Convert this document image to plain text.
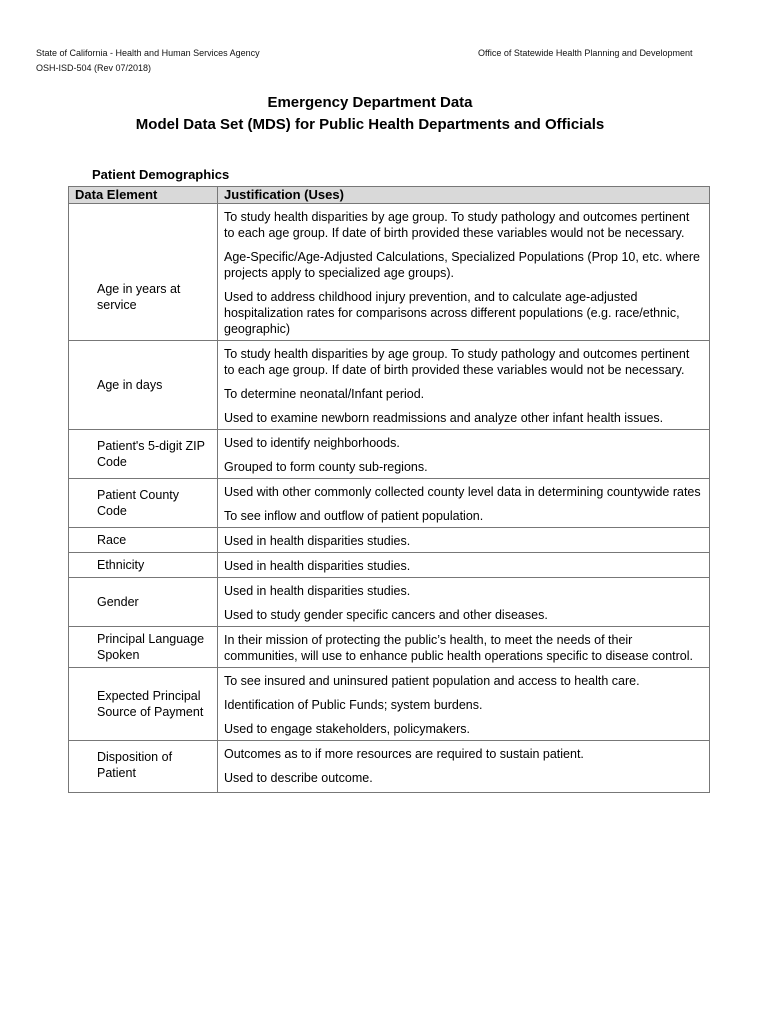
State of California - Health and Human Services Agency
OSH-ISD-504 (Rev 07/2018)
Office of Statewide Health Planning and Development
Emergency Department Data
Model Data Set (MDS) for Public Health Departments and Officials
Patient Demographics
Data Element	Justification (Uses)

Age in years at service	To study health disparities by age group. To study pathology and outcomes pertinent to each age group. If date of birth provided these variables would not be necessary.
Age-Specific/Age-Adjusted Calculations, Specialized Populations (Prop 10, etc. where projects apply to specialized age groups).
Used to address childhood injury prevention, and to calculate age-adjusted hospitalization rates for comparisons across different populations (e.g. race/ethnic, geographic)

Age in days	To study health disparities by age group. To study pathology and outcomes pertinent to each age group. If date of birth provided these variables would not be necessary.
To determine neonatal/Infant period.
Used to examine newborn readmissions and analyze other infant health issues.

Patient's 5-digit ZIP Code	Used to identify neighborhoods.
Grouped to form county sub-regions.

Patient County Code	Used with other commonly collected county level data in determining countywide rates
To see inflow and outflow of patient population.

Race	Used in health disparities studies.

Ethnicity	Used in health disparities studies.

Gender	Used in health disparities studies.
Used to study gender specific cancers and other diseases.

Principal Language Spoken	In their mission of protecting the public’s health, to meet the needs of their communities, will use to enhance public health operations specific to disease control.

Expected Principal Source of Payment	To see insured and uninsured patient population and access to health care.
Identification of Public Funds; system burdens.
Used to engage stakeholders, policymakers.

Disposition of Patient	Outcomes as to if more resources are required to sustain patient.
Used to describe outcome.
